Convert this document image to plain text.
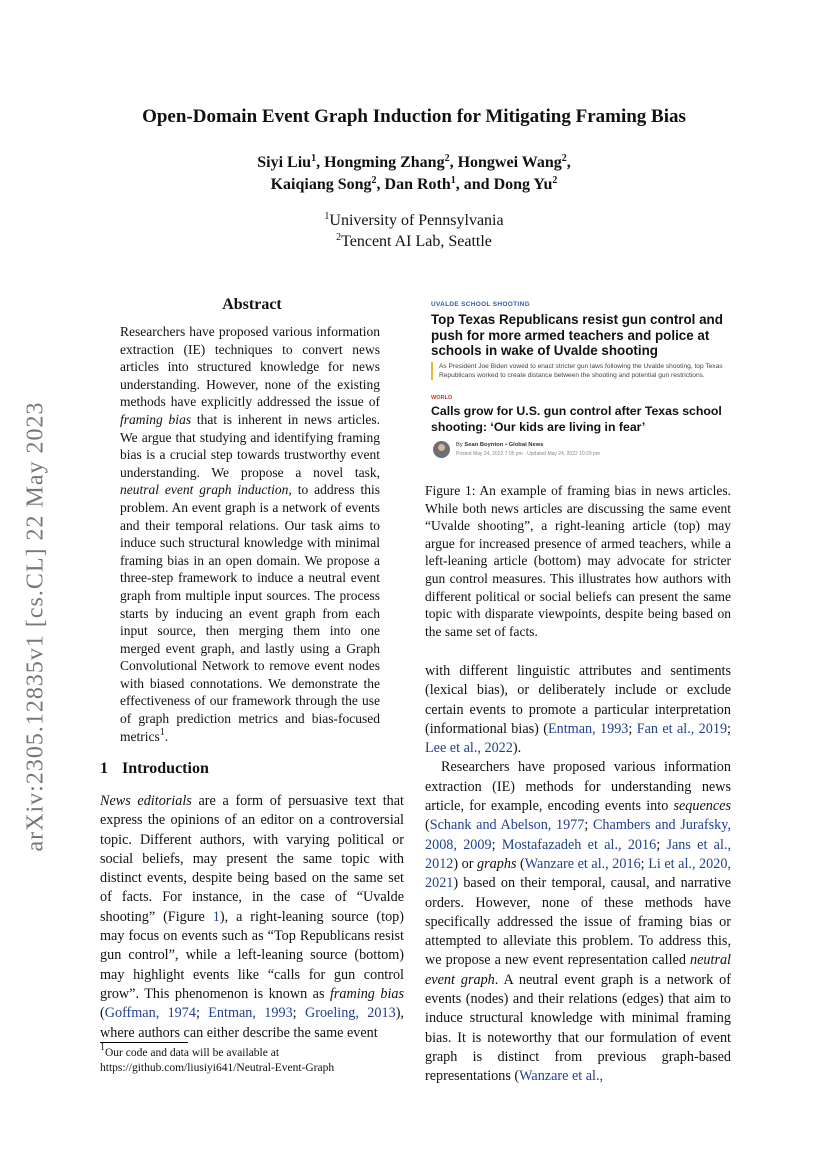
arXiv:2305.12835v1 [cs.CL] 22 May 2023
Open-Domain Event Graph Induction for Mitigating Framing Bias
Siyi Liu$^1$, Hongming Zhang$^2$, Hongwei Wang$^2$,
Kaiqiang Song$^2$, Dan Roth$^1$, and Dong Yu$^2$
$^1$University of Pennsylvania
$^2$Tencent AI Lab, Seattle
Abstract
Researchers have proposed various information extraction (IE) techniques to convert news articles into structured knowledge for news understanding. However, none of the existing methods have explicitly addressed the issue of framing bias that is inherent in news articles. We argue that studying and identifying framing bias is a crucial step towards trustworthy event understanding. We propose a novel task, neutral event graph induction, to address this problem. An event graph is a network of events and their temporal relations. Our task aims to induce such structural knowledge with minimal framing bias in an open domain. We propose a three-step framework to induce a neutral event graph from multiple input sources. The process starts by inducing an event graph from each input source, then merging them into one merged event graph, and lastly using a Graph Convolutional Network to remove event nodes with biased connotations. We demonstrate the effectiveness of our framework through the use of graph prediction metrics and bias-focused metrics$^1$.
1 Introduction
News editorials are a form of persuasive text that express the opinions of an editor on a controversial topic. Different authors, with varying political or social beliefs, may present the same topic with distinct events, despite being based on the same set of facts. For instance, in the case of “Uvalde shooting” (Figure 1), a right-leaning source (top) may focus on events such as “Top Republicans resist gun control”, while a left-leaning source (bottom) may highlight events like “calls for gun control grow”. This phenomenon is known as framing bias (Goffman, 1974; Entman, 1993; Groeling, 2013), where authors can either describe the same event
$^1$Our code and data will be available at
https://github.com/liusiyi641/Neutral-Event-Graph
UVALDE SCHOOL SHOOTING
Top Texas Republicans resist gun control and push for more armed teachers and police at schools in wake of Uvalde shooting
As President Joe Biden vowed to enact stricter gun laws following the Uvalde shooting, top Texas Republicans worked to create distance between the shooting and potential gun restrictions.
WORLD
Calls grow for U.S. gun control after Texas school shooting: ‘Our kids are living in fear’
By Sean Boynton • Global News
Posted May 24, 2022 7:05 pm · Updated May 24, 2022 10:29 pm
Figure 1: An example of framing bias in news articles. While both news articles are discussing the same event “Uvalde shooting”, a right-leaning article (top) may argue for increased presence of armed teachers, while a left-leaning article (bottom) may advocate for stricter gun control measures. This illustrates how authors with different political or social beliefs can present the same topic with disparate viewpoints, despite being based on the same set of facts.

with different linguistic attributes and sentiments (lexical bias), or deliberately include or exclude certain events to promote a particular interpretation (informational bias) (Entman, 1993; Fan et al., 2019; Lee et al., 2022).

Researchers have proposed various information extraction (IE) methods for understanding news article, for example, encoding events into sequences (Schank and Abelson, 1977; Chambers and Jurafsky, 2008, 2009; Mostafazadeh et al., 2016; Jans et al., 2012) or graphs (Wanzare et al., 2016; Li et al., 2020, 2021) based on their temporal, causal, and narrative orders. However, none of these methods have specifically addressed the issue of framing bias or attempted to alleviate this problem. To address this, we propose a new event representation called neutral event graph. A neutral event graph is a network of events (nodes) and their relations (edges) that aim to induce structural knowledge with minimal framing bias. It is noteworthy that our formulation of event graph is distinct from previous graph-based representations (Wanzare et al.,
